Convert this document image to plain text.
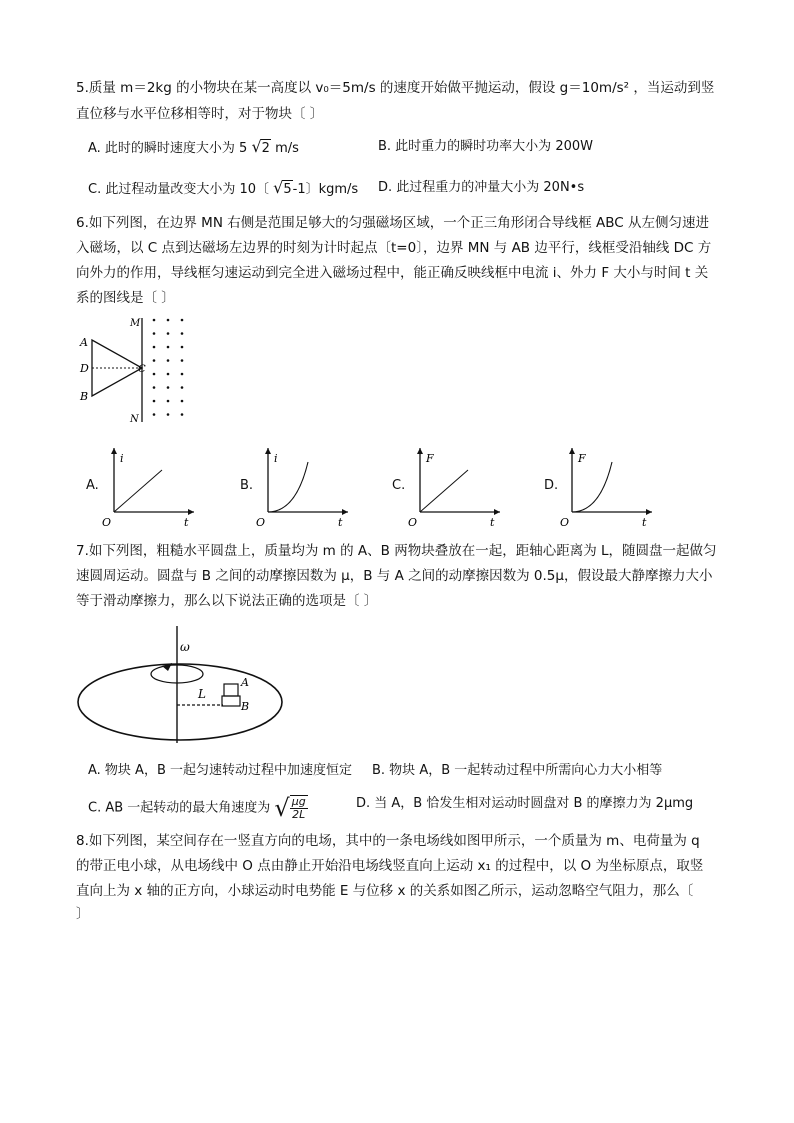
5.质量 m＝2kg 的小物块在某一高度以 v₀＝5m/s 的速度开始做平抛运动，假设 g＝10m/s² ，当运动到竖
直位移与水平位移相等时，对于物块〔 〕
A. 此时的瞬时速度大小为 5 √2 m/s	B. 此时重力的瞬时功率大小为 200W
C. 此过程动量改变大小为 10〔 √5-1〕kgm/s D. 此过程重力的冲量大小为 20N•s
6.如下列图，在边界 MN 右侧是范围足够大的匀强磁场区域，一个正三角形闭合导线框 ABC 从左侧匀速进
入磁场，以 C 点到达磁场左边界的时刻为计时起点〔t=0〕，边界 MN 与 AB 边平行，线框受沿轴线 DC 方
向外力的作用，导线框匀速运动到完全进入磁场过程中，能正确反映线框中电流 i、外力 F 大小与时间 t 关
系的图线是〔 〕
A
D
B
C
M
N
A.
i
t
O
B.
i
t
O
C.
F
t
O
D.
F
t
O
7.如下列图，粗糙水平圆盘上，质量均为 m 的 A、B 两物块叠放在一起，距轴心距离为 L，随圆盘一起做匀
速圆周运动。圆盘与 B 之间的动摩擦因数为 μ，B 与 A 之间的动摩擦因数为 0.5μ，假设最大静摩擦力大小
等于滑动摩擦力，那么以下说法正确的选项是〔 〕
ω
L
A
B
A. 物块 A，B 一起匀速转动过程中加速度恒定 B. 物块 A，B 一起转动过程中所需向心力大小相等
C. AB 一起转动的最大角速度为 √ $\frac{\mu g}{2L}$	D. 当 A，B 恰发生相对运动时圆盘对 B 的摩擦力为 2μmg
8.如下列图，某空间存在一竖直方向的电场，其中的一条电场线如图甲所示，一个质量为 m、电荷量为 q
的带正电小球，从电场线中 O 点由静止开始沿电场线竖直向上运动 x₁ 的过程中，以 O 为坐标原点，取竖
直向上为 x 轴的正方向，小球运动时电势能 E 与位移 x 的关系如图乙所示，运动忽略空气阻力，那么〔
〕
